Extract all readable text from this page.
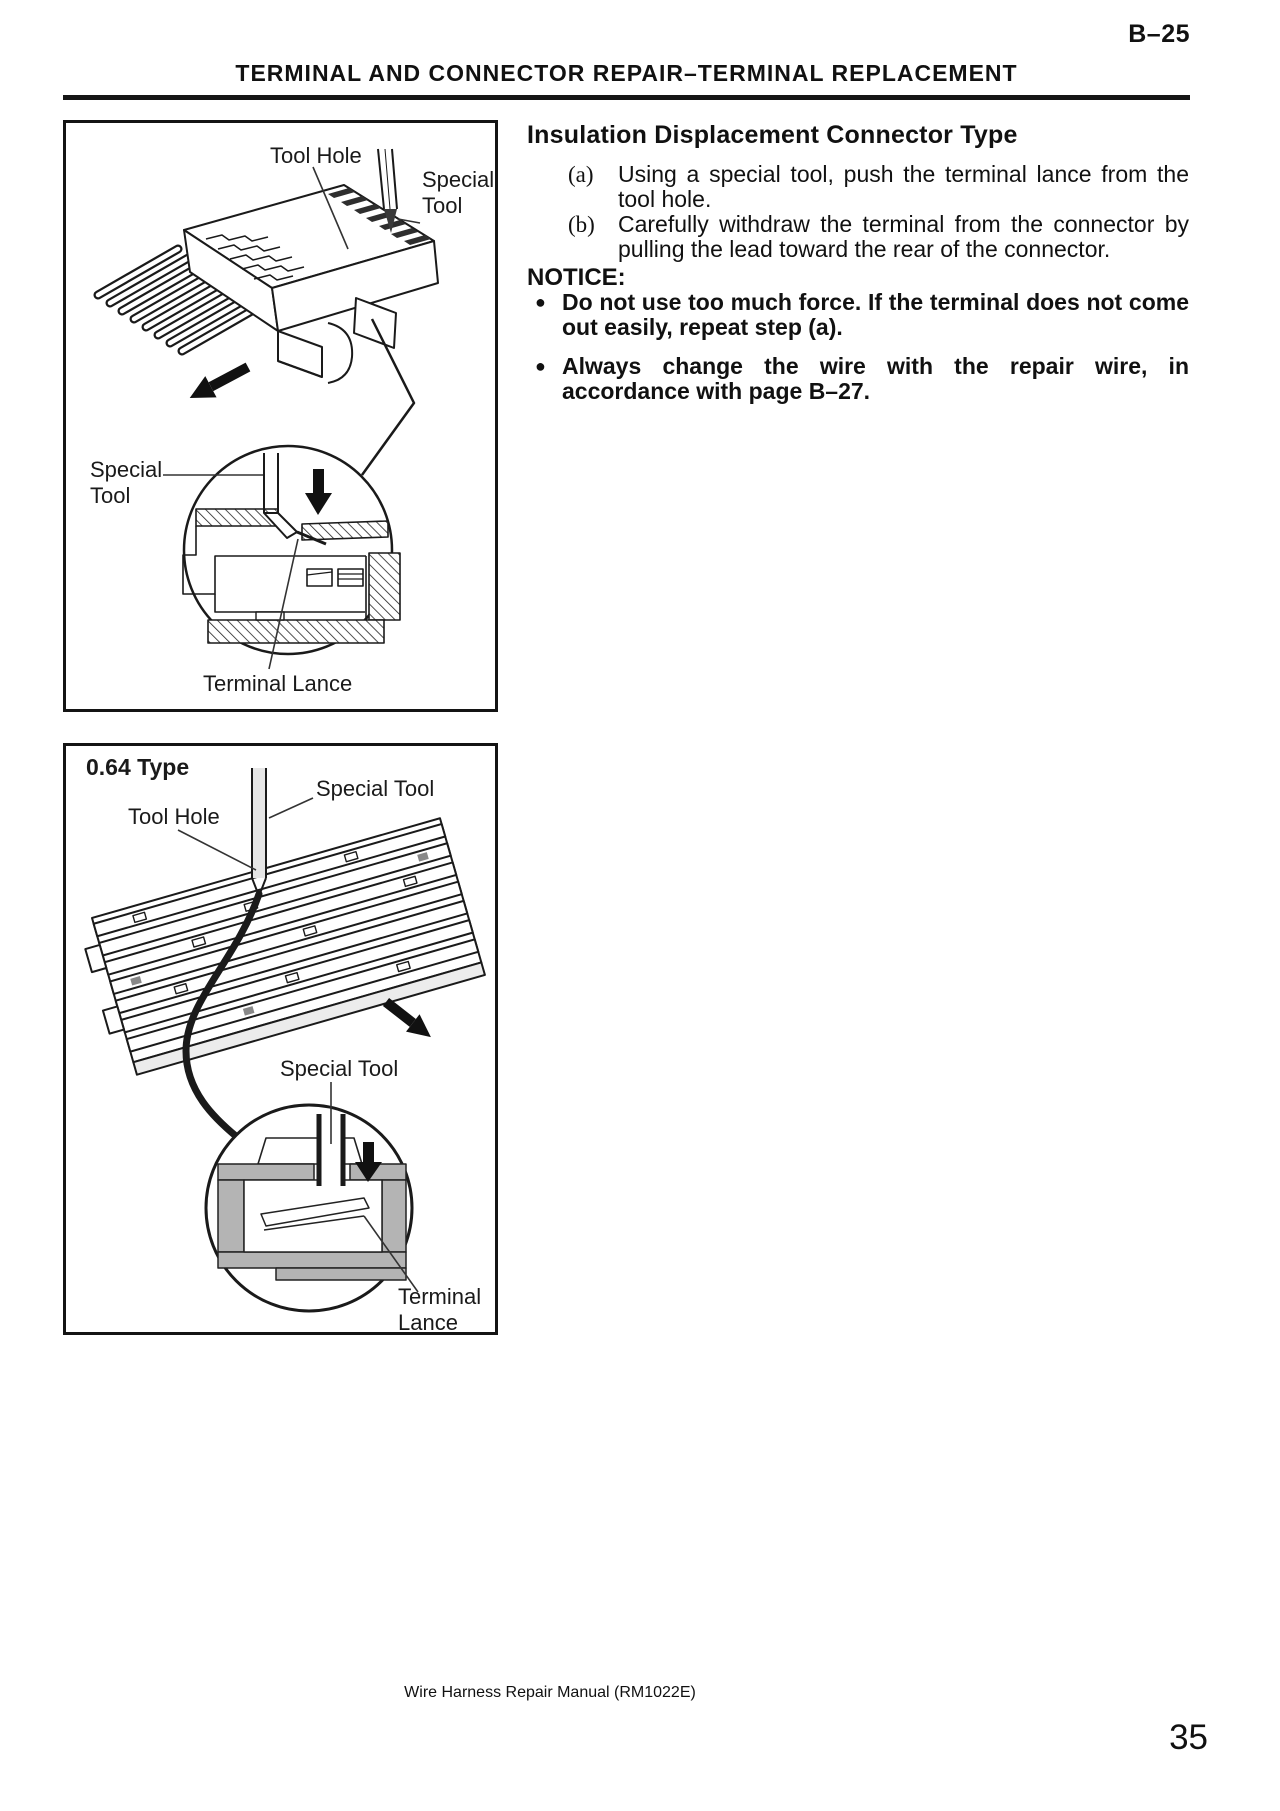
B–25
TERMINAL AND CONNECTOR REPAIR–TERMINAL REPLACEMENT
Tool Hole
Special Tool
Special Tool
Terminal Lance
0.64 Type
Special Tool
Tool Hole
Special Tool
Terminal Lance
Insulation Displacement Connector Type
(a)	Using a special tool, push the terminal lance from the tool hole.
(b)	Carefully withdraw the terminal from the connector by pulling the lead toward the rear of the connector.
NOTICE:
● Do not use too much force. If the terminal does not come out easily, repeat step (a).
● Always change the wire with the repair wire, in accordance with page B–27.
Wire Harness Repair Manual (RM1022E)
35
